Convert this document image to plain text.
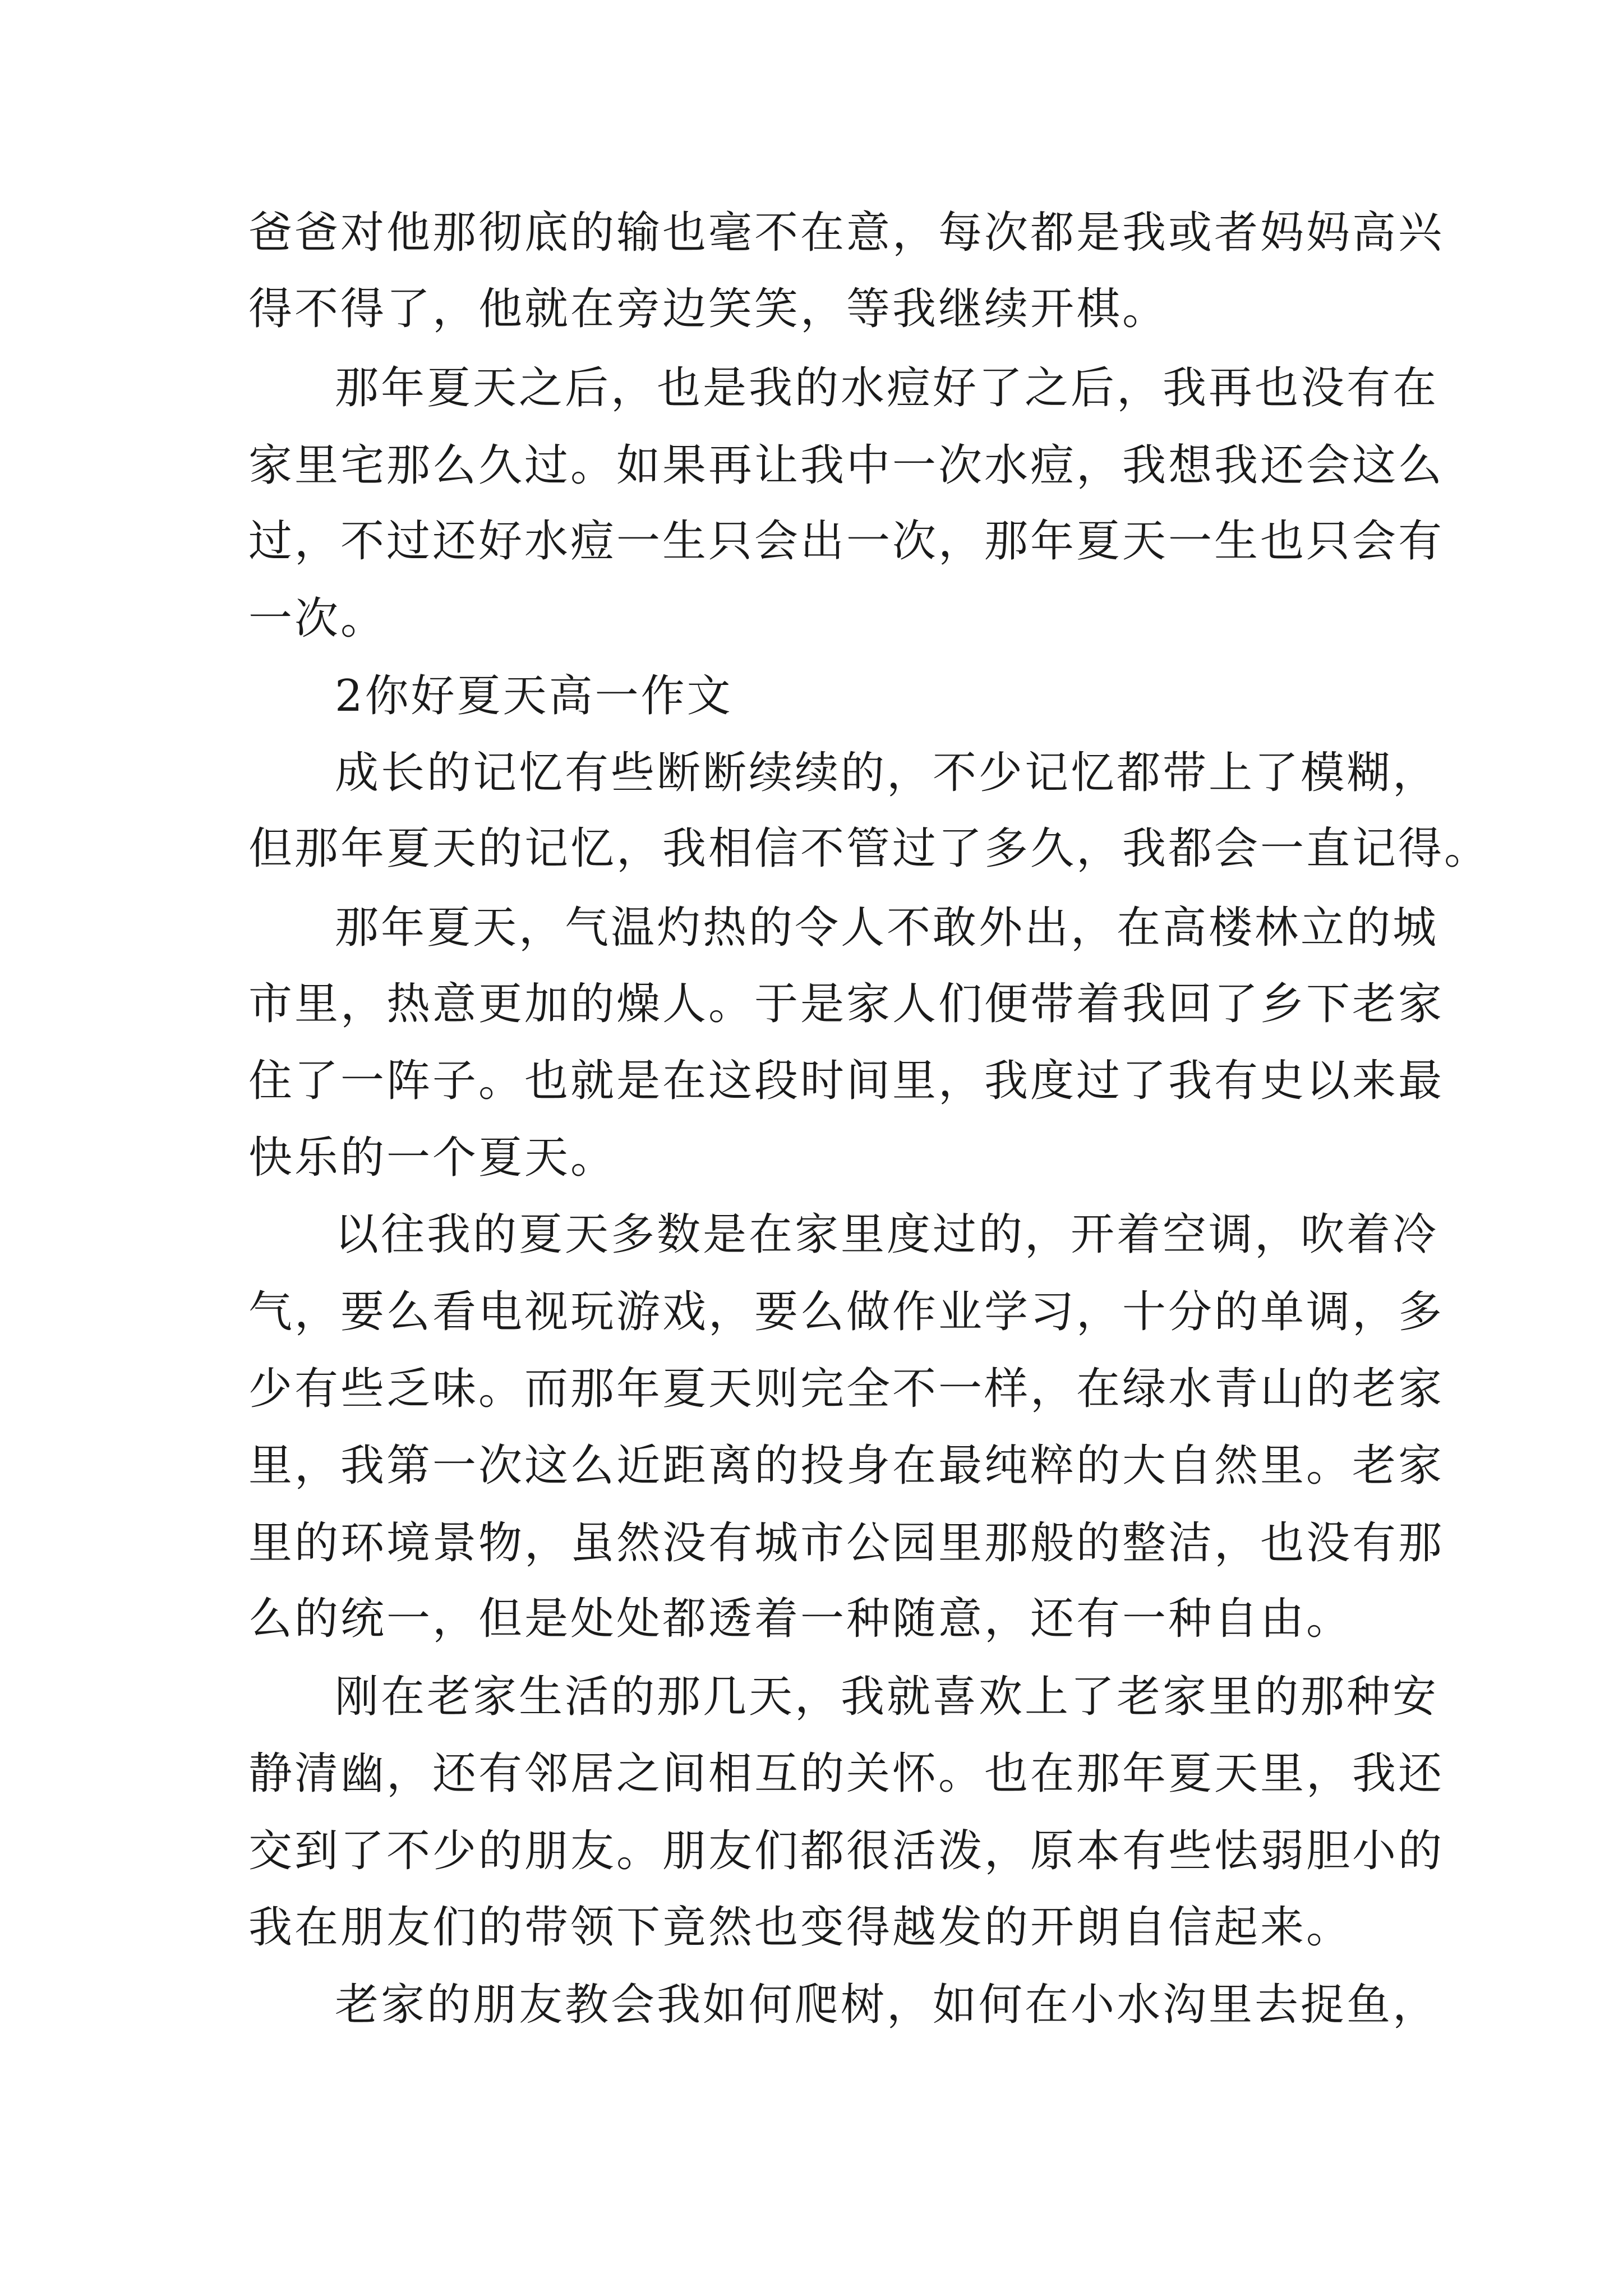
爸爸对他那彻底的输也毫不在意，每次都是我或者妈妈高兴
得不得了，他就在旁边笑笑，等我继续开棋。
那年夏天之后，也是我的水痘好了之后，我再也没有在
家里宅那么久过。如果再让我中一次水痘，我想我还会这么
过，不过还好水痘一生只会出一次，那年夏天一生也只会有
一次。
2你好夏天高一作文
成长的记忆有些断断续续的，不少记忆都带上了模糊，
但那年夏天的记忆，我相信不管过了多久，我都会一直记得。
那年夏天，气温灼热的令人不敢外出，在高楼林立的城
市里，热意更加的燥人。于是家人们便带着我回了乡下老家
住了一阵子。也就是在这段时间里，我度过了我有史以来最
快乐的一个夏天。
以往我的夏天多数是在家里度过的，开着空调，吹着冷
气，要么看电视玩游戏，要么做作业学习，十分的单调，多
少有些乏味。而那年夏天则完全不一样，在绿水青山的老家
里，我第一次这么近距离的投身在最纯粹的大自然里。老家
里的环境景物，虽然没有城市公园里那般的整洁，也没有那
么的统一，但是处处都透着一种随意，还有一种自由。
刚在老家生活的那几天，我就喜欢上了老家里的那种安
静清幽，还有邻居之间相互的关怀。也在那年夏天里，我还
交到了不少的朋友。朋友们都很活泼，原本有些怯弱胆小的
我在朋友们的带领下竟然也变得越发的开朗自信起来。
老家的朋友教会我如何爬树，如何在小水沟里去捉鱼，
